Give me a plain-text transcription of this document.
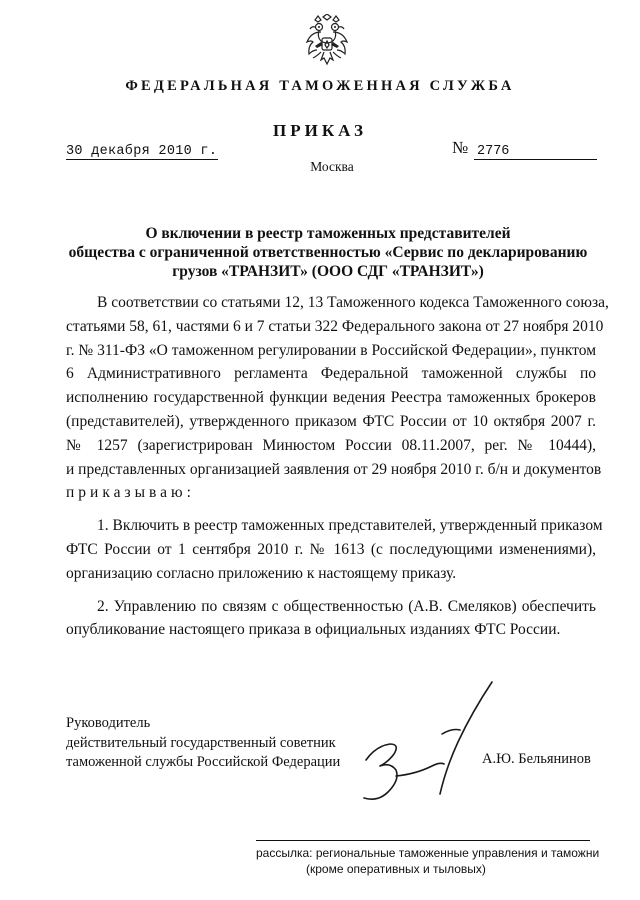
ФЕДЕРАЛЬНАЯ ТАМОЖЕННАЯ СЛУЖБА
ПРИКАЗ
30 декабря 2010 г.	№ 2776
Москва
О включении в реестр таможенных представителей
общества с ограниченной ответственностью «Сервис по декларированию
грузов «ТРАНЗИТ» (ООО СДГ «ТРАНЗИТ»)
В соответствии со статьями 12, 13 Таможенного кодекса Таможенного союза,
статьями 58, 61, частями 6 и 7 статьи 322 Федерального закона от 27 ноября 2010
г. № 311-ФЗ «О таможенном регулировании в Российской Федерации», пунктом
6 Административного регламента Федеральной таможенной службы по
исполнению государственной функции ведения Реестра таможенных брокеров
(представителей), утвержденного приказом ФТС России от 10 октября 2007 г.
№ 1257 (зарегистрирован Минюстом России 08.11.2007, рег. № 10444),
и представленных организацией заявления от 29 ноября 2010 г. б/н и документов
приказываю:
1. Включить в реестр таможенных представителей, утвержденный приказом
ФТС России от 1 сентября 2010 г. № 1613 (с последующими изменениями),
организацию согласно приложению к настоящему приказу.
2. Управлению по связям с общественностью (А.В. Смеляков) обеспечить
опубликование настоящего приказа в официальных изданиях ФТС России.
Руководитель
действительный государственный советник
таможенной службы Российской Федерации	А.Ю. Бельянинов
рассылка: региональные таможенные управления и таможни
(кроме оперативных и тыловых)
